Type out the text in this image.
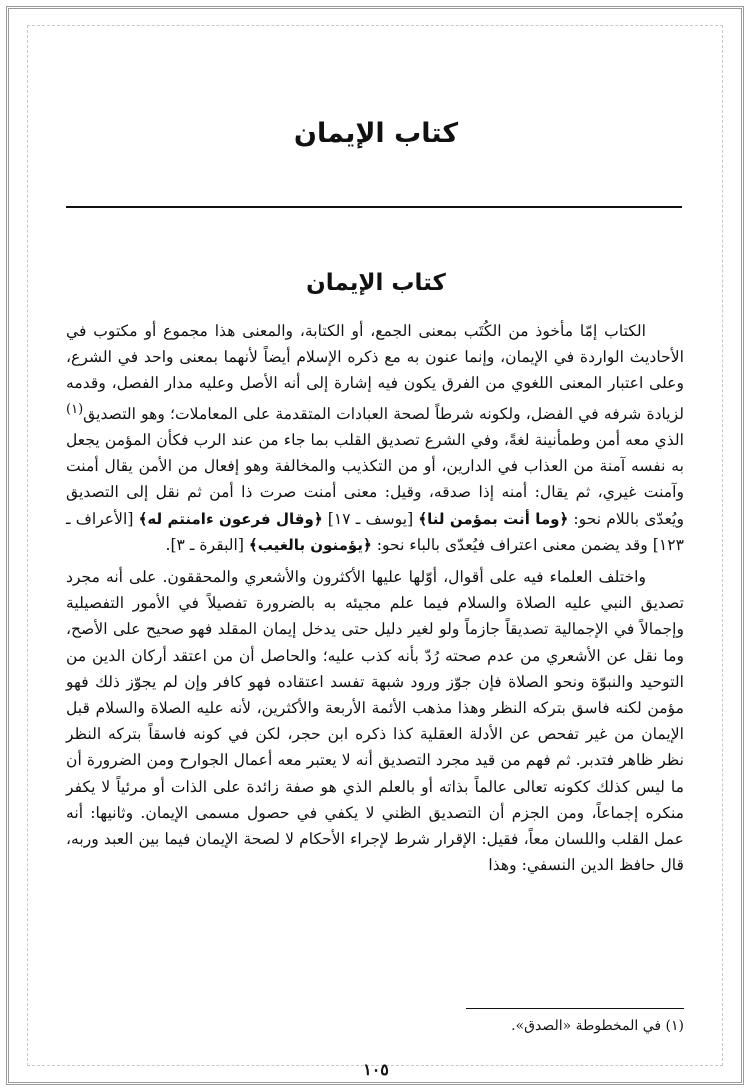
كتاب الإيمان
كتاب الإيمان

الكتاب إمّا مأخوذ من الكُتَب بمعنى الجمع، أو الكتابة، والمعنى هذا مجموع أو مكتوب في الأحاديث الواردة في الإيمان، وإنما عنون به مع ذكره الإسلام أيضاً لأنهما بمعنى واحد في الشرع، وعلى اعتبار المعنى اللغوي من الفرق يكون فيه إشارة إلى أنه الأصل وعليه مدار الفصل، وقدمه لزيادة شرفه في الفضل، ولكونه شرطاً لصحة العبادات المتقدمة على المعاملات؛ وهو التصديق$^{(١)}$ الذي معه أمن وطمأنينة لغةً، وفي الشرع تصديق القلب بما جاء من عند الرب فكأن المؤمن يجعل به نفسه آمنة من العذاب في الدارين، أو من التكذيب والمخالفة وهو إفعال من الأمن يقال أمنت وآمنت غيري، ثم يقال: أمنه إذا صدقه، وقيل: معنى أمنت صرت ذا أمن ثم نقل إلى التصديق ويُعدّى باللام نحو: ﴿وما أنت بمؤمن لنا﴾ [يوسف ـ ١٧] ﴿وقال فرعون ءامنتم له﴾ [الأعراف ـ ١٢٣] وقد يضمن معنى اعتراف فيُعدّى بالباء نحو: ﴿يؤمنون بالغيب﴾ [البقرة ـ ٣].

واختلف العلماء فيه على أقوال، أوّلها عليها الأكثرون والأشعري والمحققون. على أنه مجرد تصديق النبي عليه الصلاة والسلام فيما علم مجيئه به بالضرورة تفصيلاً في الأمور التفصيلية وإجمالاً في الإجمالية تصديقاً جازماً ولو لغير دليل حتى يدخل إيمان المقلد فهو صحيح على الأصح، وما نقل عن الأشعري من عدم صحته رُدّ بأنه كذب عليه؛ والحاصل أن من اعتقد أركان الدين من التوحيد والنبوّة ونحو الصلاة فإن جوّز ورود شبهة تفسد اعتقاده فهو كافر وإن لم يجوّز ذلك فهو مؤمن لكنه فاسق بتركه النظر وهذا مذهب الأئمة الأربعة والأكثرين، لأنه عليه الصلاة والسلام قبل الإيمان من غير تفحص عن الأدلة العقلية كذا ذكره ابن حجر، لكن في كونه فاسقاً بتركه النظر نظر ظاهر فتدبر. ثم فهم من قيد مجرد التصديق أنه لا يعتبر معه أعمال الجوارح ومن الضرورة أن ما ليس كذلك ككونه تعالى عالماً بذاته أو بالعلم الذي هو صفة زائدة على الذات أو مرئياً لا يكفر منكره إجماعاً، ومن الجزم أن التصديق الظني لا يكفي في حصول مسمى الإيمان. وثانيها: أنه عمل القلب واللسان معاً، فقيل: الإقرار شرط لإجراء الأحكام لا لصحة الإيمان فيما بين العبد وربه، قال حافظ الدين النسفي: وهذا

(١) في المخطوطة «الصدق».
١٠٥
